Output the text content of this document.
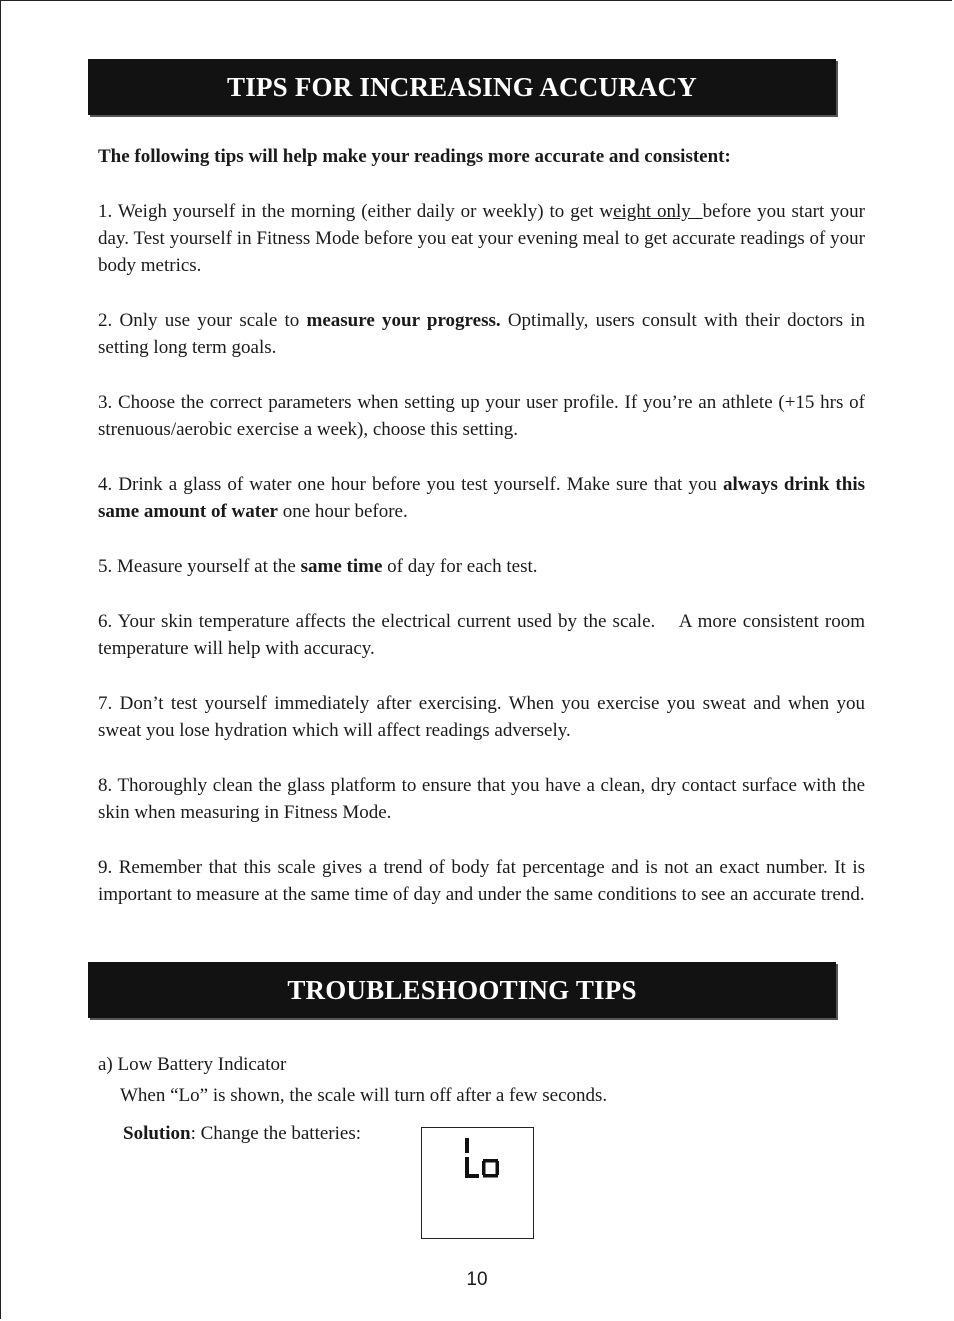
TIPS FOR INCREASING ACCURACY
The following tips will help make your readings more accurate and consistent:

1. Weigh yourself in the morning (either daily or weekly) to get weight only  before you start your day. Test yourself in Fitness Mode before you eat your evening meal to get accurate readings of your body metrics.

2. Only use your scale to measure your progress. Optimally, users consult with their doctors in setting long term goals.

3. Choose the correct parameters when setting up your user profile. If you’re an athlete (+15 hrs of strenuous/aerobic exercise a week), choose this setting.

4. Drink a glass of water one hour before you test yourself. Make sure that you always drink this same amount of water one hour before.

5. Measure yourself at the same time of day for each test.

6. Your skin temperature affects the electrical current used by the scale.    A more consistent room temperature will help with accuracy.

7. Don’t test yourself immediately after exercising. When you exercise you sweat and when you sweat you lose hydration which will affect readings adversely.

8. Thoroughly clean the glass platform to ensure that you have a clean, dry contact surface with the skin when measuring in Fitness Mode.

9. Remember that this scale gives a trend of body fat percentage and is not an exact number. It is important to measure at the same time of day and under the same conditions to see an accurate trend.

TROUBLESHOOTING TIPS
a) Low Battery Indicator
When “Lo” is shown, the scale will turn off after a few seconds.
Solution: Change the batteries:
10
